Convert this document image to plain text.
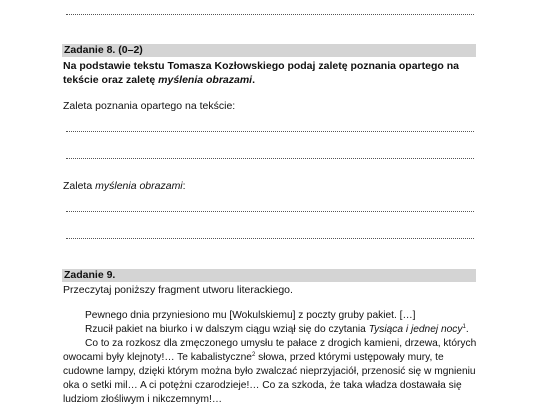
Zadanie 8. (0–2)
Na podstawie tekstu Tomasza Kozłowskiego podaj zaletę poznania opartego na
tekście oraz zaletę myślenia obrazami.
Zaleta poznania opartego na tekście:
Zaleta myślenia obrazami:
Zadanie 9.
Przeczytaj poniższy fragment utworu literackiego.
Pewnego dnia przyniesiono mu [Wokulskiemu] z poczty gruby pakiet. […]
Rzucił pakiet na biurko i w dalszym ciągu wziął się do czytania Tysiąca i jednej nocy$^1$.
Co to za rozkosz dla zmęczonego umysłu te pałace z drogich kamieni, drzewa, których
owocami były klejnoty!… Te kabalistyczne$^2$ słowa, przed którymi ustępowały mury, te
cudowne lampy, dzięki którym można było zwalczać nieprzyjaciół, przenosić się w mgnieniu
oka o setki mil… A ci potężni czarodzieje!… Co za szkoda, że taka władza dostawała się
ludziom złośliwym i nikczemnym!…
